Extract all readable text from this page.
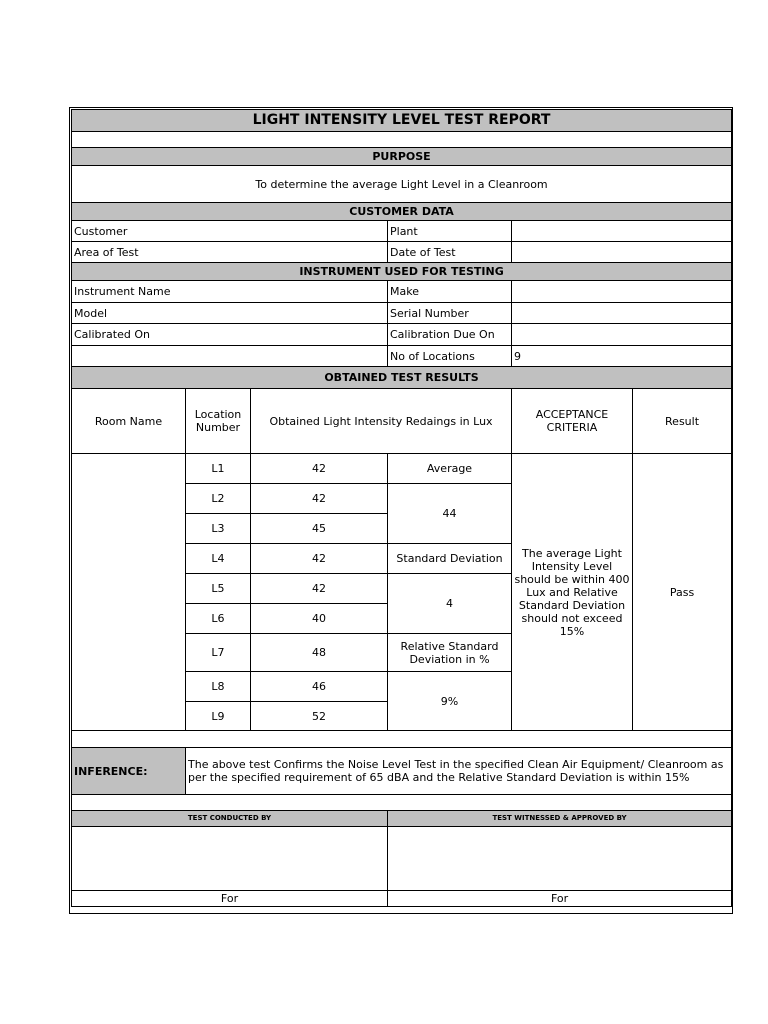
LIGHT INTENSITY LEVEL TEST REPORT					

PURPOSE					
To determine the average Light Level in a Cleanroom					
CUSTOMER DATA					
Customer			Plant		
Area of Test			Date of Test		
INSTRUMENT USED FOR TESTING					
Instrument Name			Make		
Model			Serial Number		
Calibrated On			Calibration Due On		
			No of Locations	9	
OBTAINED TEST RESULTS					
Room Name	Location Number	Obtained Light Intensity Redaings in Lux		ACCEPTANCE CRITERIA	Result
	L1	42	Average	The average Light Intensity Level should be within 400 Lux and Relative Standard Deviation should not exceed 15%	Pass
	L2	42	44		
	L3	45			
	L4	42	Standard Deviation		
	L5	42	4		
	L6	40			
	L7	48	Relative Standard Deviation in %		
	L8	46	9%		
	L9	52			

INFERENCE:	The above test Confirms the Noise Level Test in the specified Clean Air Equipment/ Cleanroom as per the specified requirement of 65 dBA and the Relative Standard Deviation is within 15%				

TEST CONDUCTED BY			TEST WITNESSED & APPROVED BY		

For			For		
